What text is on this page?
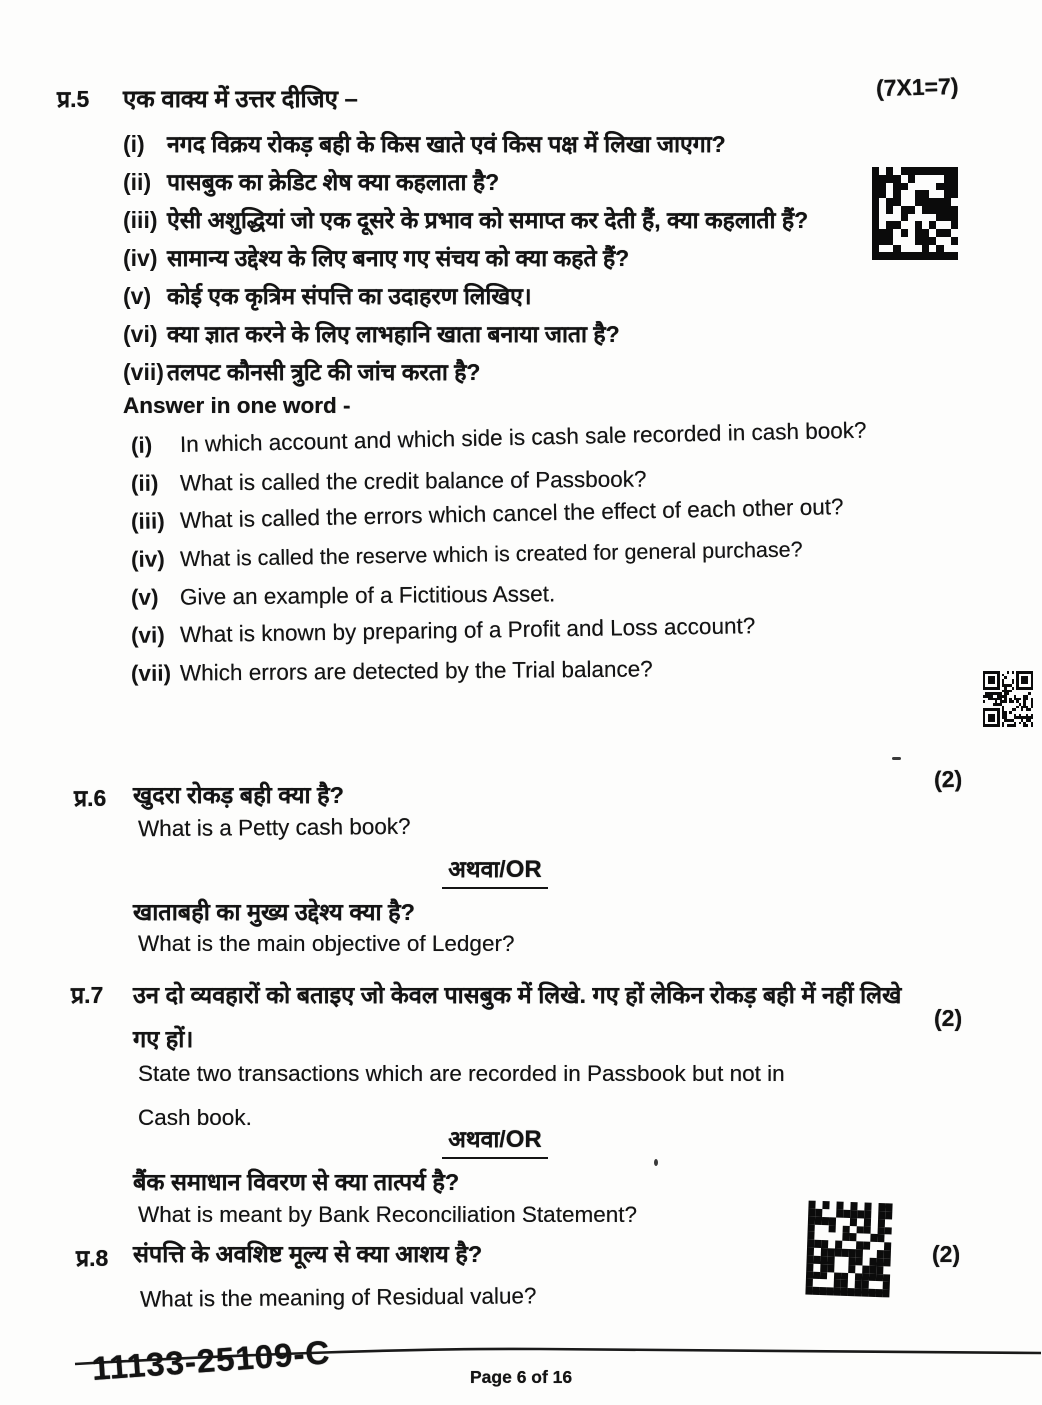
प्र.5	एक वाक्य में उत्तर दीजिए –	(7X1=7)
(i) नगद विक्रय रोकड़ बही के किस खाते एवं किस पक्ष में लिखा जाएगा?
(ii) पासबुक का क्रेडिट शेष क्या कहलाता है?
(iii) ऐसी अशुद्धियां जो एक दूसरे के प्रभाव को समाप्त कर देती हैं, क्या कहलाती हैं?
(iv) सामान्य उद्देश्य के लिए बनाए गए संचय को क्या कहते हैं?
(v) कोई एक कृत्रिम संपत्ति का उदाहरण लिखिए।
(vi) क्या ज्ञात करने के लिए लाभहानि खाता बनाया जाता है?
(vii) तलपट कौनसी त्रुटि की जांच करता है?
Answer in one word -
(i)	In which account and which side is cash sale recorded in cash book?
(ii) What is called the credit balance of Passbook?
(iii) What is called the errors which cancel the effect of each other out?
(iv) What is called the reserve which is created for general purchase?
(v) Give an example of a Fictitious Asset.
(vi) What is known by preparing of a Profit and Loss account?
(vii) Which errors are detected by the Trial balance?
प्र.6 खुदरा रोकड़ बही क्या है?
(2)
What is a Petty cash book?
अथवा/OR
खाताबही का मुख्य उद्देश्य क्या है?
What is the main objective of Ledger?
प्र.7 उन दो व्यवहारों को बताइए जो केवल पासबुक में लिखे. गए हों लेकिन रोकड़ बही में नहीं लिखे गए हों।
(2)
State two transactions which are recorded in Passbook but not in Cash book.
अथवा/OR
बैंक समाधान विवरण से क्या तात्पर्य है?
What is meant by Bank Reconciliation Statement?
प्र.8 संपत्ति के अवशिष्ट मूल्य से क्या आशय है?	(2)
What is the meaning of Residual value?
11133-25109-C	Page 6 of 16
